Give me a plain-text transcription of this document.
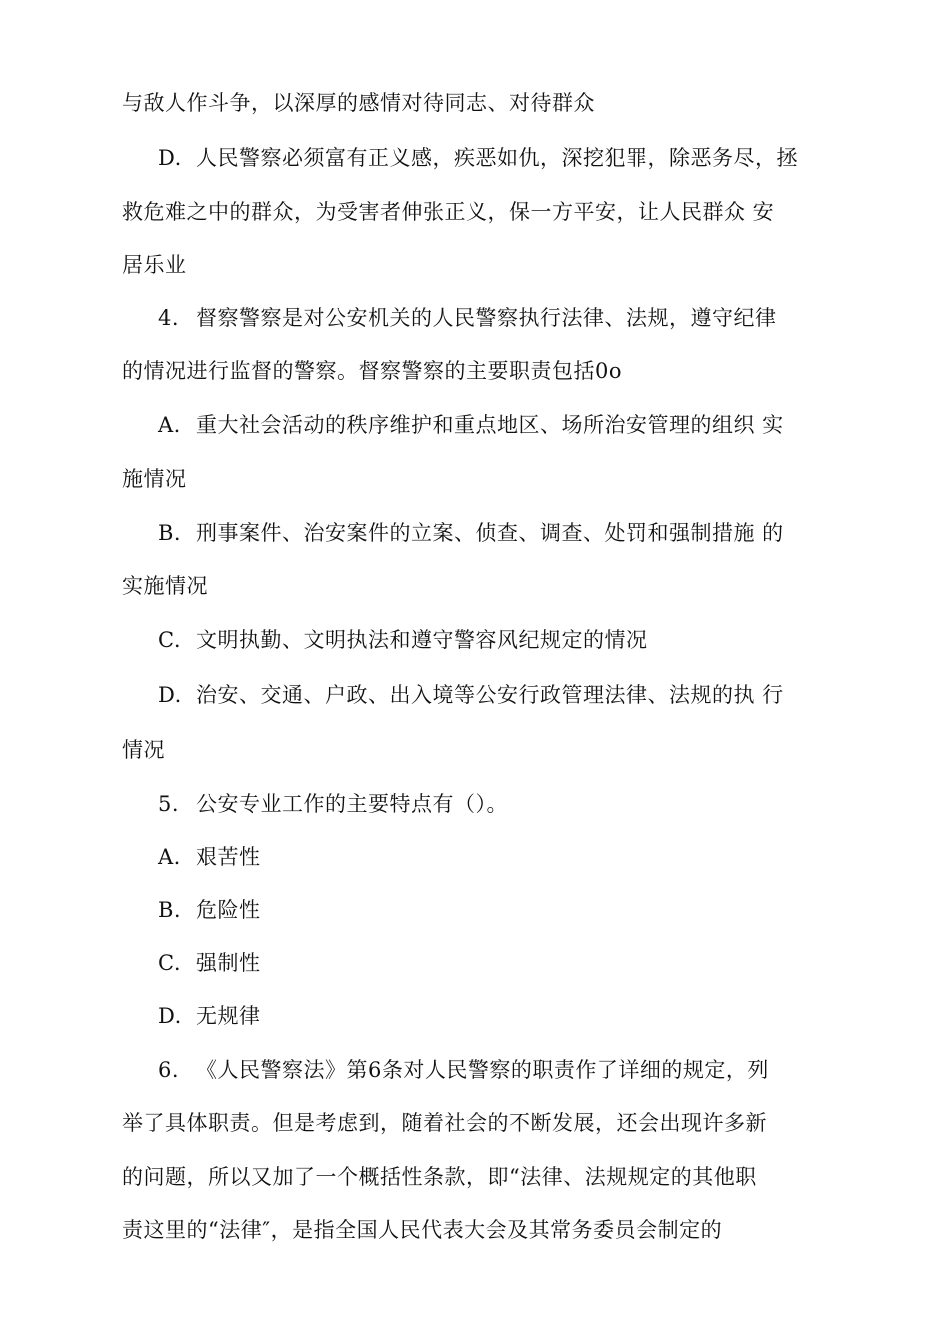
与敌人作斗争，以深厚的感情对待同志、对待群众
D. 人民警察必须富有正义感，疾恶如仇，深挖犯罪，除恶务尽，拯
救危难之中的群众，为受害者伸张正义，保一方平安，让人民群众 安
居乐业
4. 督察警察是对公安机关的人民警察执行法律、法规，遵守纪律
的情况进行监督的警察。督察警察的主要职责包括0o
A. 重大社会活动的秩序维护和重点地区、场所治安管理的组织 实
施情况
B. 刑事案件、治安案件的立案、侦查、调查、处罚和强制措施 的
实施情况
C. 文明执勤、文明执法和遵守警容风纪规定的情况
D. 治安、交通、户政、出入境等公安行政管理法律、法规的执 行
情况
5. 公安专业工作的主要特点有（）。
A. 艰苦性
B. 危险性
C. 强制性
D. 无规律
6. 《人民警察法》第6条对人民警察的职责作了详细的规定，列
举了具体职责。但是考虑到，随着社会的不断发展，还会出现许多新
的问题，所以又加了一个概括性条款，即“法律、法规规定的其他职
责这里的“法律″，是指全国人民代表大会及其常务委员会制定的
